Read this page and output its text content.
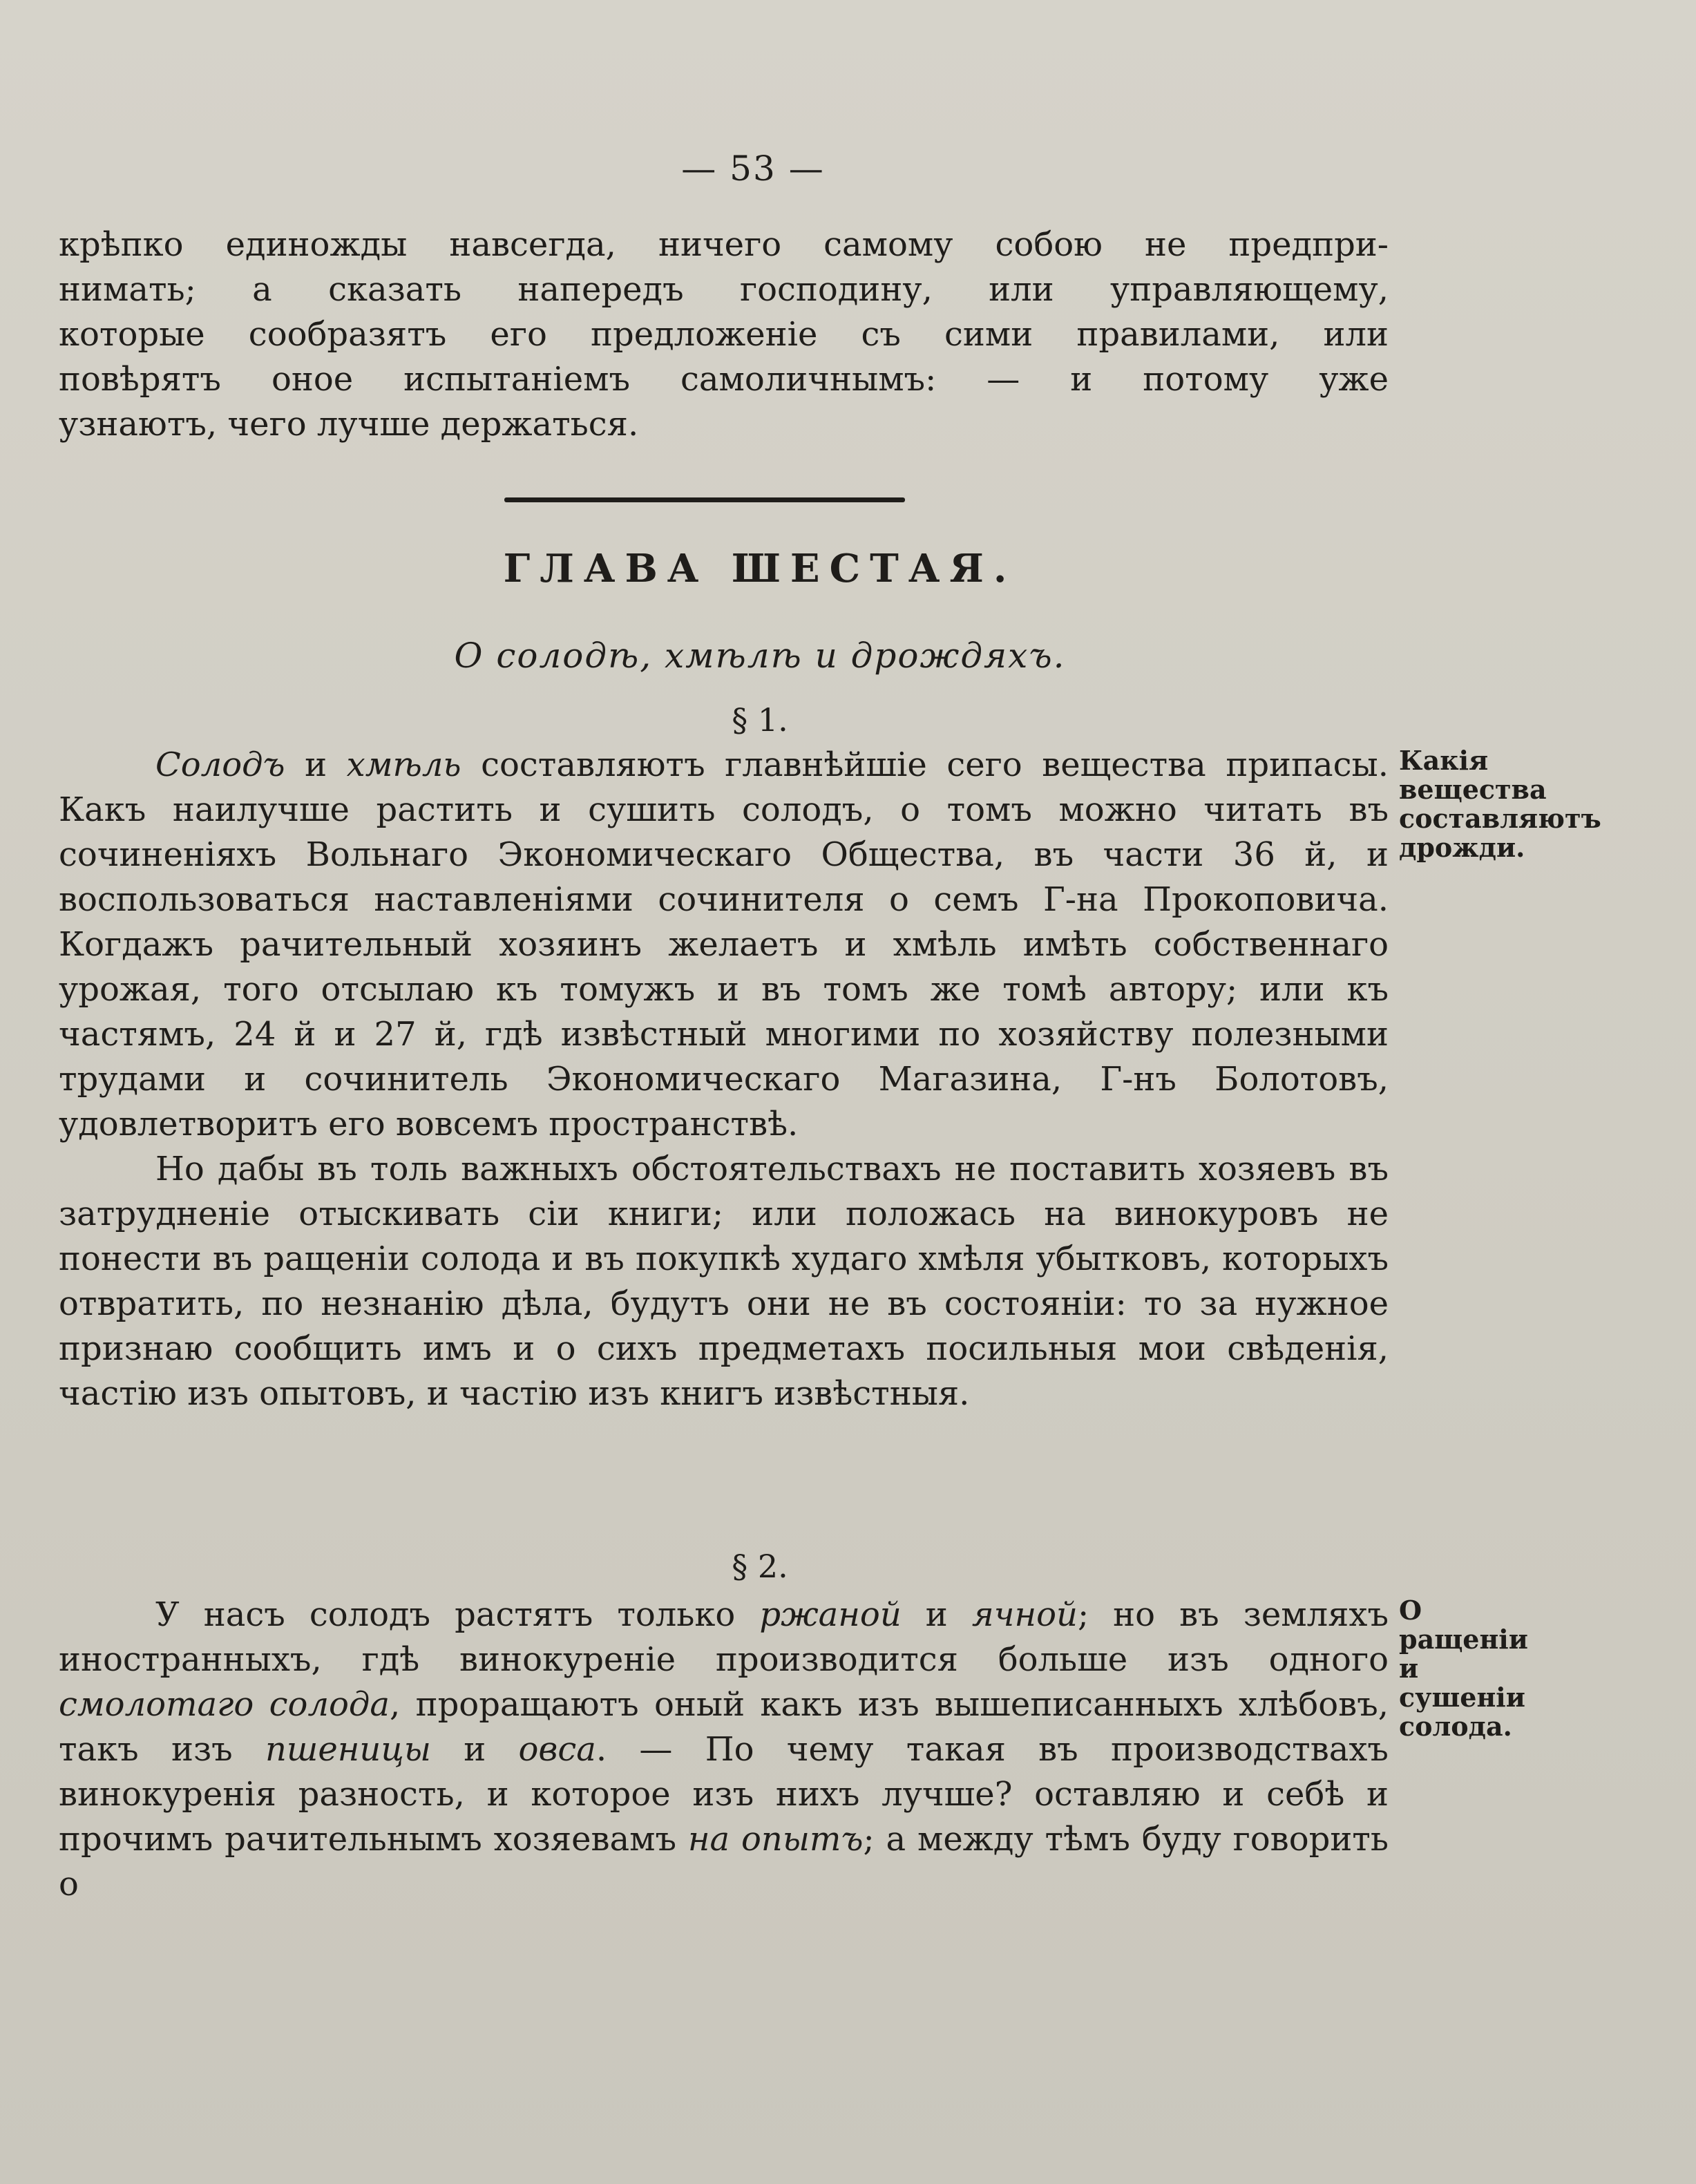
— 53 —

крѣпко единожды навсегда, ничего самому собою не предпри-

нимать; а сказать напередъ господину, или управляющему,

которые сообразятъ его предложенiе съ сими правилами, или

повѣрятъ оное испытанiемъ самоличнымъ: — и потому уже

узнаютъ, чего лучше держаться.

ГЛАВА ШЕСТАЯ.
О солодѣ, хмѣлѣ и дрождяхъ.
§ 1.

Солодъ и хмѣль составляютъ главнѣйшiе сего вещества припасы. Какъ наилучше растить и сушить солодъ, о томъ можно читать въ сочиненiяхъ Вольнаго Экономическаго Общества, въ части 36 й, и воспользоваться наставленiями сочинителя о семъ Г-на Прокоповича. Когдажъ рачительный хозяинъ желаетъ и хмѣль имѣть собственнаго урожая, того отсылаю къ томужъ и въ томъ же томѣ автору; или къ частямъ, 24 й и 27 й, гдѣ извѣстный многими по хозяйству полезными трудами и сочинитель Экономическаго Магазина, Г-нъ Болотовъ, удовлетворитъ его вовсемъ пространствѣ.

Но дабы въ толь важныхъ обстоятельствахъ не поставить хозяевъ въ затрудненiе отыскивать сiи книги; или положась на винокуровъ не понести въ ращенiи солода и въ покупкѣ худаго хмѣля убытковъ, которыхъ отвратить, по незнанiю дѣла, будутъ они не въ состоянiи: то за нужное признаю сообщить имъ и о сихъ предметахъ посильныя мои свѣденiя, частiю изъ опытовъ, и частiю изъ книгъ извѣстныя.

Какiя вещества составляютъ дрожди.
§ 2.

У насъ солодъ растятъ только ржаной и ячной; но въ земляхъ иностранныхъ, гдѣ винокуренiе производится больше изъ одного смолотаго солода, проращаютъ оный какъ изъ вышеписанныхъ хлѣбовъ, такъ изъ пшеницы и овса. — По чему такая въ производствахъ винокуренiя разность, и которое изъ нихъ лучше? оставляю и себѣ и прочимъ рачительнымъ хозяевамъ на опытъ; а между тѣмъ буду говорить о

О ращенiи и сушенiи солода.
